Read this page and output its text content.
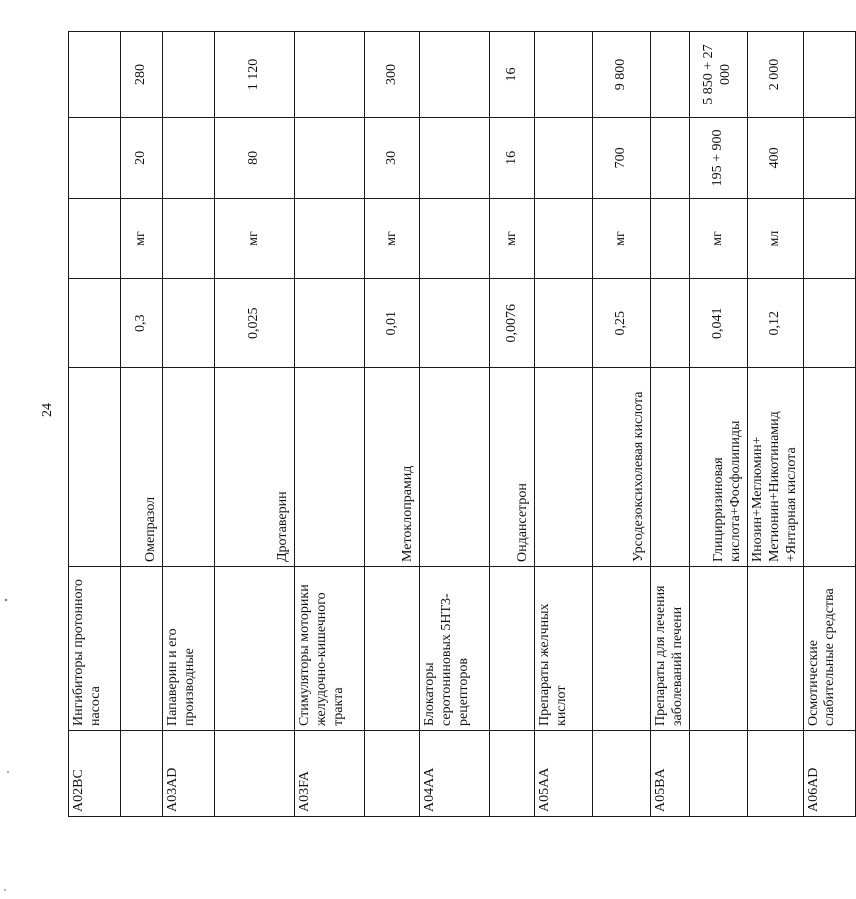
24
A02BC	Ингибиторы протонного насоса					
		Омепразол	0,3	мг	20	280
A03AD	Папаверин и его производные					
		Дротаверин	0,025	мг	80	1 120
A03FA	Стимуляторы моторики желудочно-кишечного тракта					
		Метоклопрамид	0,01	мг	30	300
A04AA	Блокаторы серотониновых 5НТ3-рецепторов					
		Ондансетрон	0,0076	мг	16	16
A05AA	Препараты желчных кислот					
		Урсодезоксихолевая кислота	0,25	мг	700	9 800
A05BA	Препараты для лечения заболеваний печени					
		Глицирризиновая кислота+Фосфолипиды	0,041	мг	195 + 900	5 850 + 27 000
		Инозин+Меглюмин+ Метионин+Никотинамид +Янтарная кислота	0,12	мл	400	2 000
A06AD	Осмотические слабительные средства					
